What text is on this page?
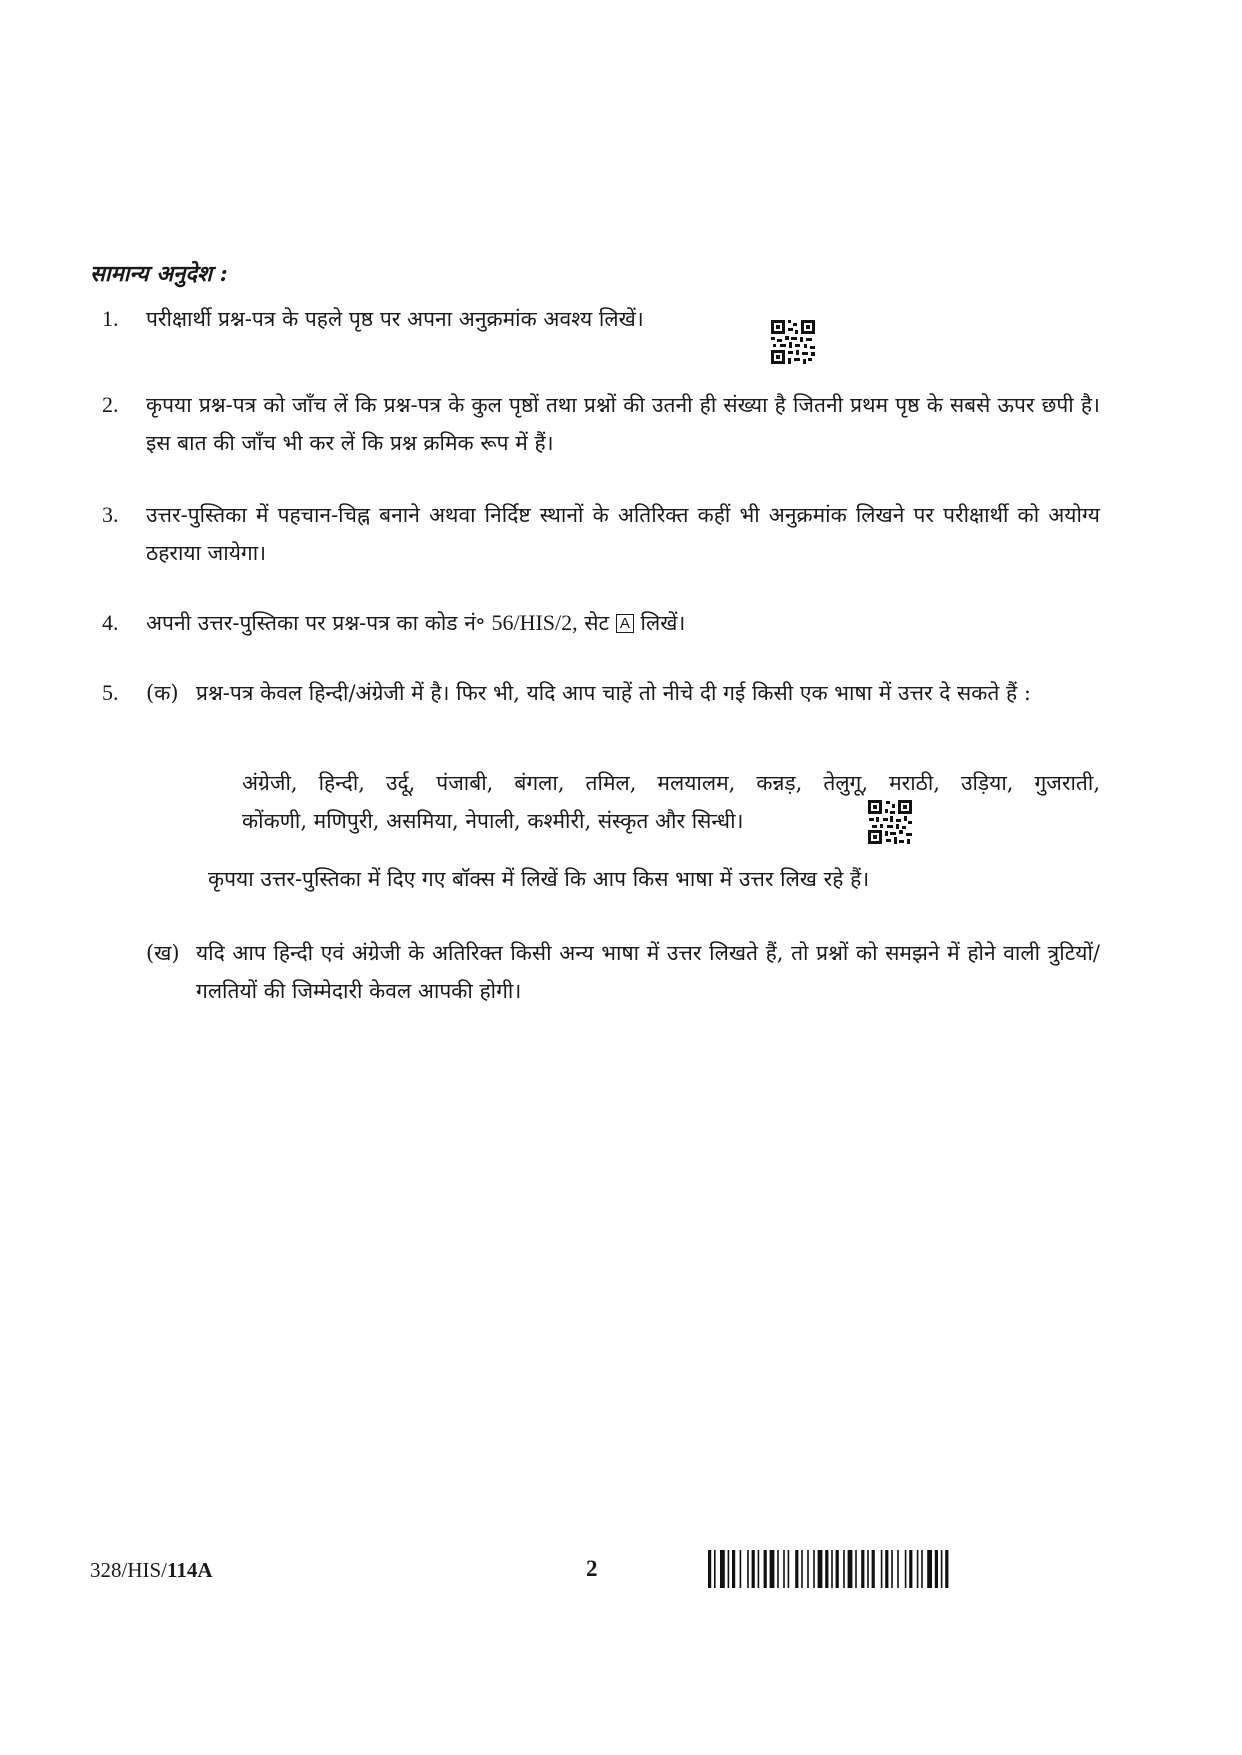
सामान्य अनुदेश :
1. परीक्षार्थी प्रश्न-पत्र के पहले पृष्ठ पर अपना अनुक्रमांक अवश्य लिखें।
2. कृपया प्रश्न-पत्र को जाँच लें कि प्रश्न-पत्र के कुल पृष्ठों तथा प्रश्नों की उतनी ही संख्या है जितनी प्रथम पृष्ठ के सबसे ऊपर छपी है। इस बात की जाँच भी कर लें कि प्रश्न क्रमिक रूप में हैं।
3. उत्तर-पुस्तिका में पहचान-चिह्न बनाने अथवा निर्दिष्ट स्थानों के अतिरिक्त कहीं भी अनुक्रमांक लिखने पर परीक्षार्थी को अयोग्य ठहराया जायेगा।
4. अपनी उत्तर-पुस्तिका पर प्रश्न-पत्र का कोड नं॰ 56/HIS/2, सेट A लिखें।
5. (क) प्रश्न-पत्र केवल हिन्दी/अंग्रेजी में है। फिर भी, यदि आप चाहें तो नीचे दी गई किसी एक भाषा में उत्तर दे सकते हैं :
अंग्रेजी, हिन्दी, उर्दू, पंजाबी, बंगला, तमिल, मलयालम, कन्नड़, तेलुगू, मराठी, उड़िया, गुजराती,
कोंकणी, मणिपुरी, असमिया, नेपाली, कश्मीरी, संस्कृत और सिन्धी।
कृपया उत्तर-पुस्तिका में दिए गए बॉक्स में लिखें कि आप किस भाषा में उत्तर लिख रहे हैं।
(ख) यदि आप हिन्दी एवं अंग्रेजी के अतिरिक्त किसी अन्य भाषा में उत्तर लिखते हैं, तो प्रश्नों को समझने में होने वाली त्रुटियों/गलतियों की जिम्मेदारी केवल आपकी होगी।
328/HIS/114A	2
